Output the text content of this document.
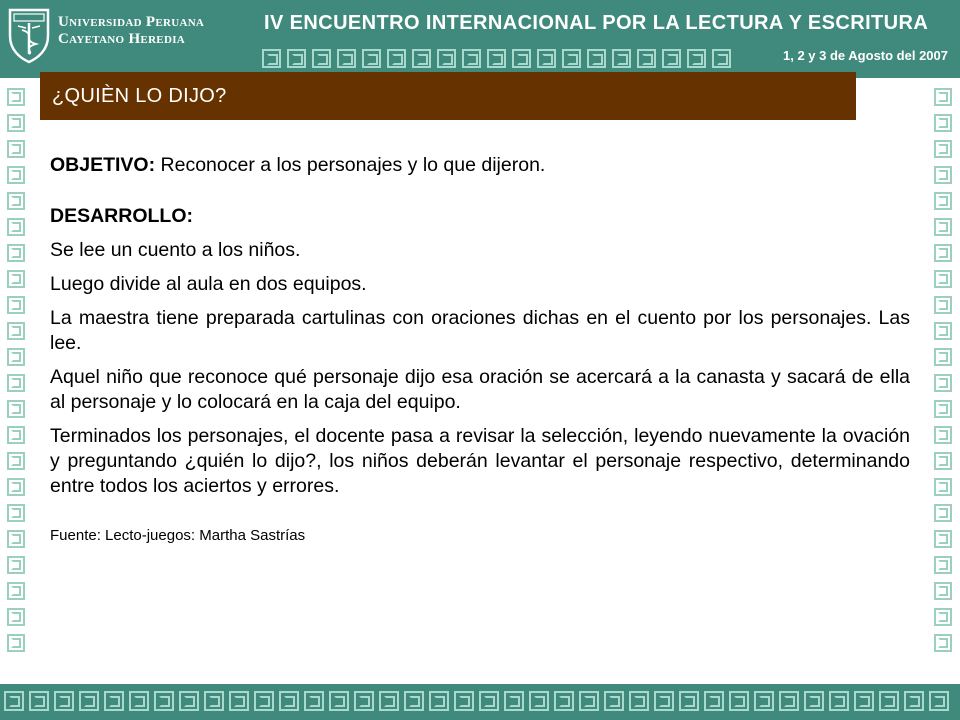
Universidad Peruana
Cayetano Heredia
IV ENCUENTRO INTERNACIONAL POR LA LECTURA Y ESCRITURA
1, 2 y 3 de Agosto del 2007
¿QUIÈN LO DIJO?

OBJETIVO: Reconocer a los personajes y lo que dijeron.

DESARROLLO:

Se lee un cuento a los niños.

Luego divide al aula en dos equipos.

La maestra tiene preparada cartulinas con oraciones dichas en el cuento por los personajes. Las lee.

Aquel niño que reconoce qué personaje dijo esa oración se acercará a la canasta y sacará de ella al personaje y lo colocará en la caja del equipo.

Terminados los personajes, el docente pasa a revisar la selección, leyendo nuevamente la ovación y preguntando ¿quién lo dijo?, los niños deberán levantar el personaje respectivo, determinando entre todos los aciertos y errores.

Fuente: Lecto-juegos: Martha Sastrías
